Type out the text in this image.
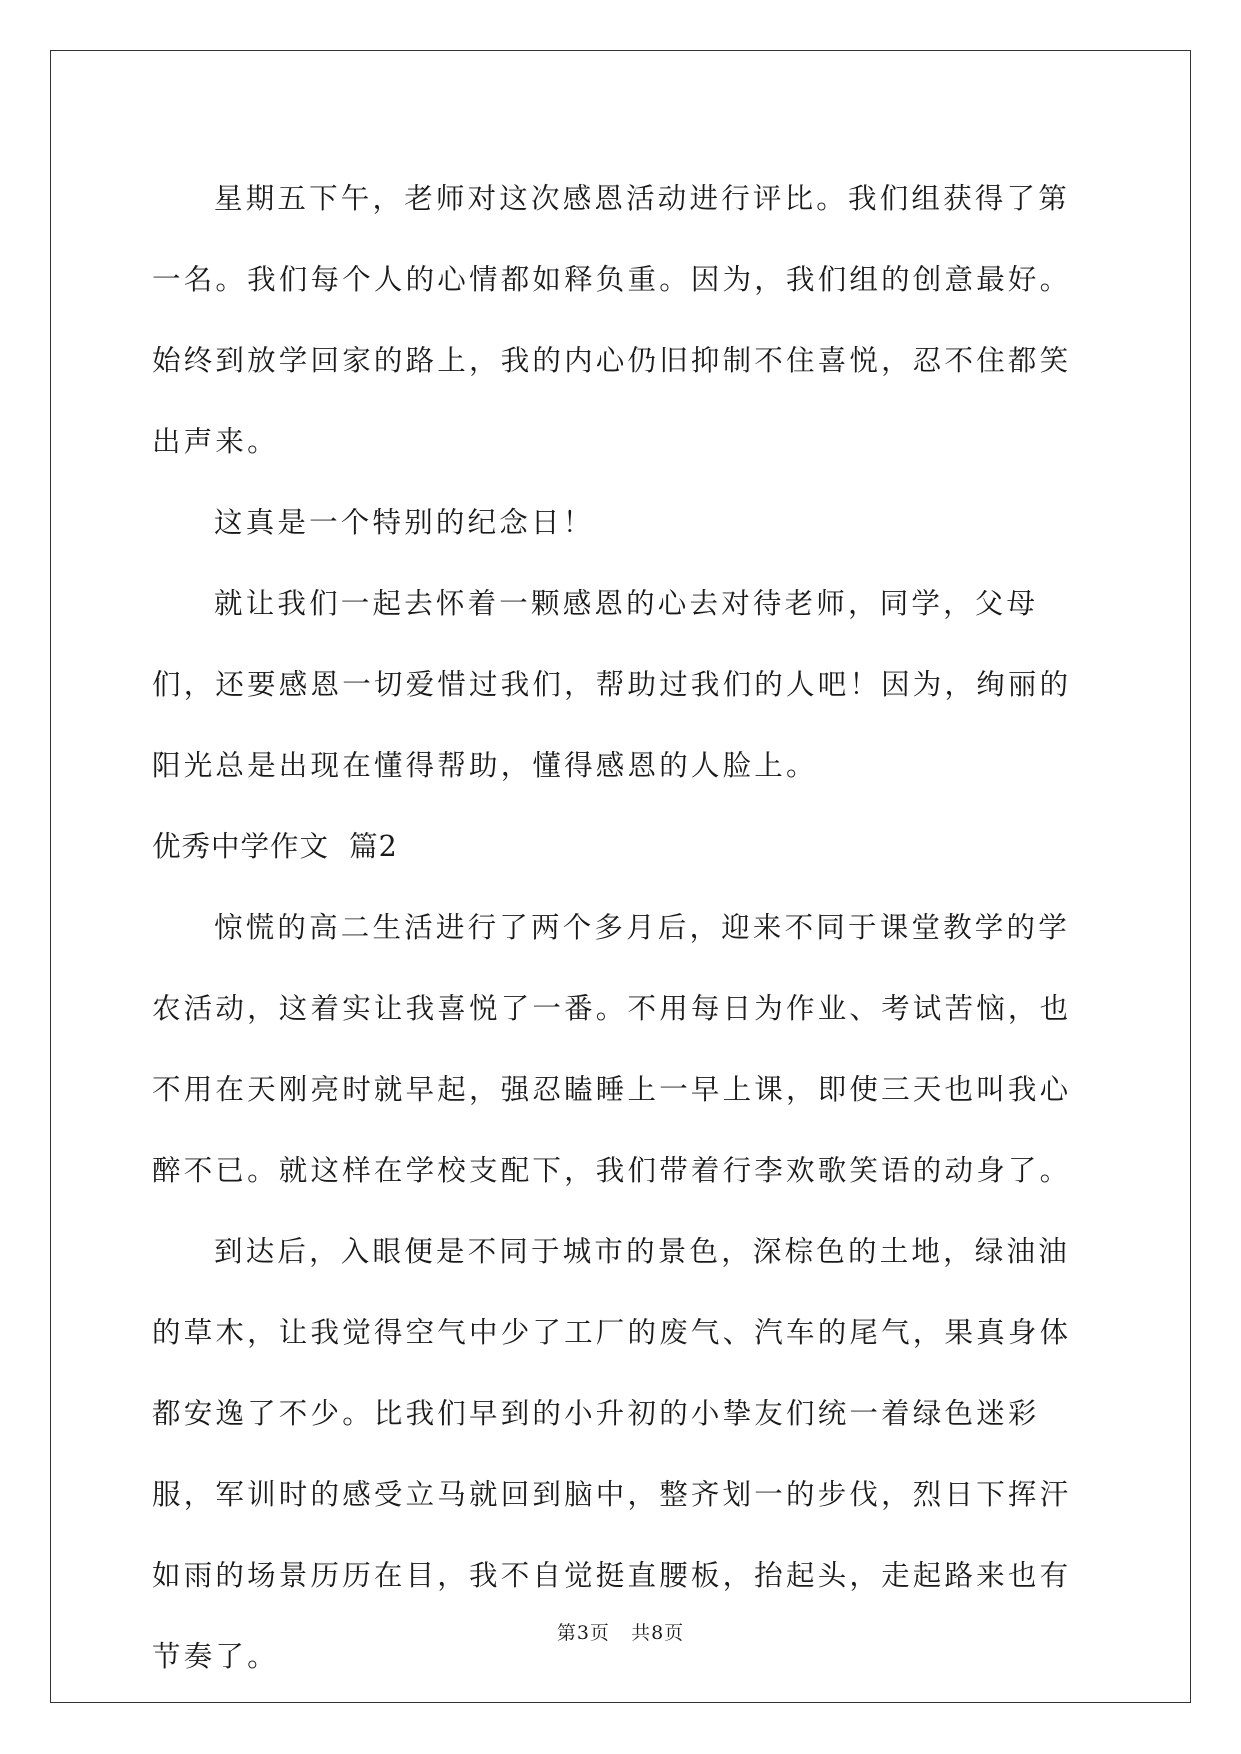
星期五下午，老师对这次感恩活动进行评比。我们组获得了第一名。我们每个人的心情都如释负重。因为，我们组的创意最好。始终到放学回家的路上，我的内心仍旧抑制不住喜悦，忍不住都笑出声来。

这真是一个特别的纪念日！

就让我们一起去怀着一颗感恩的心去对待老师，同学，父母们，还要感恩一切爱惜过我们，帮助过我们的人吧！因为，绚丽的阳光总是出现在懂得帮助，懂得感恩的人脸上。

优秀中学作文  篇2

惊慌的高二生活进行了两个多月后，迎来不同于课堂教学的学农活动，这着实让我喜悦了一番。不用每日为作业、考试苦恼，也不用在天刚亮时就早起，强忍瞌睡上一早上课，即使三天也叫我心醉不已。就这样在学校支配下，我们带着行李欢歌笑语的动身了。

到达后，入眼便是不同于城市的景色，深棕色的土地，绿油油的草木，让我觉得空气中少了工厂的废气、汽车的尾气，果真身体都安逸了不少。比我们早到的小升初的小挚友们统一着绿色迷彩服，军训时的感受立马就回到脑中，整齐划一的步伐，烈日下挥汗如雨的场景历历在目，我不自觉挺直腰板，抬起头，走起路来也有节奏了。

第3页 共8页
